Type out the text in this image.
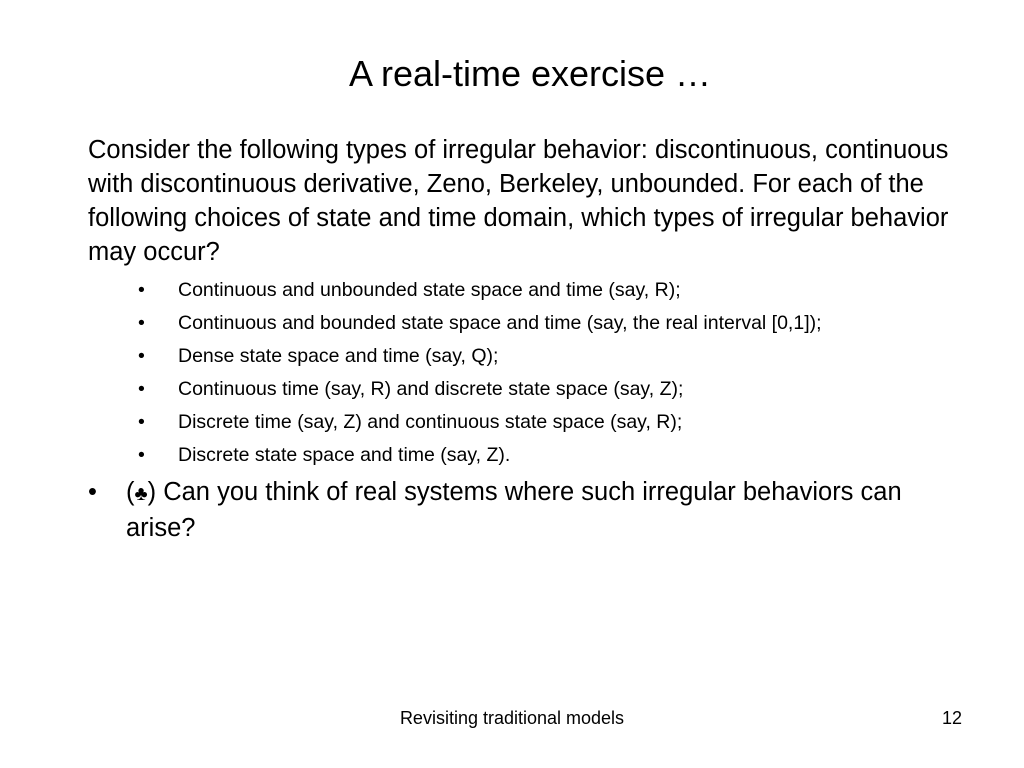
A real-time exercise …

Consider the following types of irregular behavior: discontinuous, continuous with discontinuous derivative, Zeno, Berkeley, unbounded. For each of the following choices of state and time domain, which types of irregular behavior may occur?

• Continuous and unbounded state space and time (say, R);
• Continuous and bounded state space and time (say, the real interval [0,1]);
• Dense state space and time (say, Q);
• Continuous time (say, R) and discrete state space (say, Z);
• Discrete time (say, Z) and continuous state space (say, R);
• Discrete state space and time (say, Z).
• (♣) Can you think of real systems where such irregular behaviors can arise?
Revisiting traditional models	12
